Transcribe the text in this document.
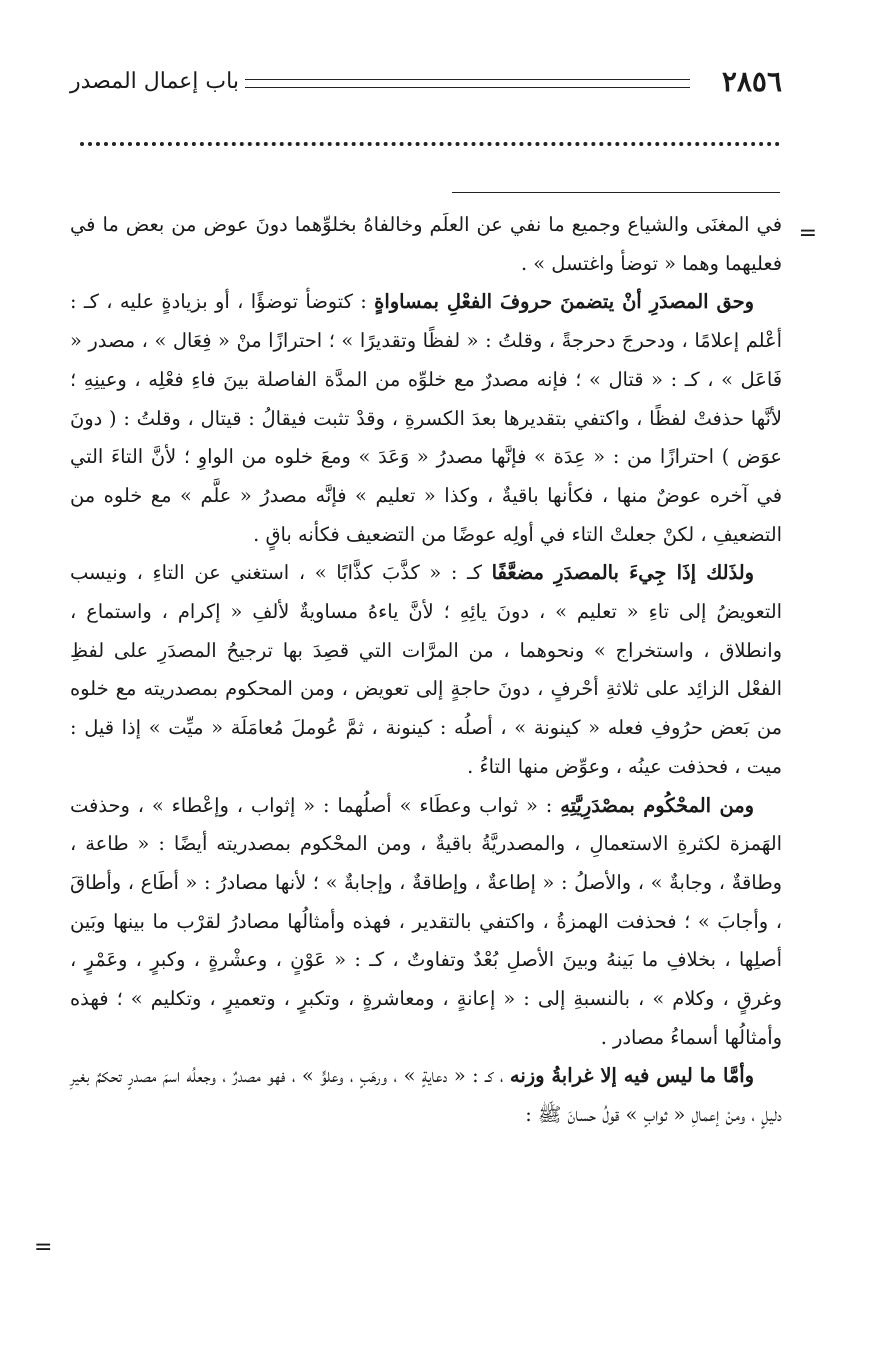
٢٨٥٦
باب إعمال المصدر
=
=

في المغنَى والشياع وجميع ما نفي عن العلَم وخالفاهُ بخلوِّهما دونَ عوض من بعض ما في فعليهما وهما « توضأ واغتسل » .

وحق المصدَرِ أنْ يتضمنَ حروفَ الفعْلِ بمساواةٍ : كتوضأ توضؤًا ، أو بزيادةٍ عليه ، كـ : أعْلم إعلامًا ، ودحرجَ دحرجةً ، وقلتُ : « لفظًا وتقديرًا » ؛ احترازًا منْ « فِعَال » ، مصدر « فَاعَل » ، كـ : « قتال » ؛ فإنه مصدرٌ مع خلوِّه من المدَّة الفاصلة بينَ فاءِ فعْلِه ، وعينِهِ ؛ لأنَّها حذفتْ لفظًا ، واكتفي بتقديرها بعدَ الكسرةِ ، وقدْ تثبت فيقالُ : قيتال ، وقلتُ : ( دونَ عوَض ) احترازًا من : « عِدَة » فإنَّها مصدرُ « وَعَدَ » ومعَ خلوه من الواوِ ؛ لأنَّ التاءَ التي في آخره عوضٌ منها ، فكأنها باقيةٌ ، وكذا « تعليم » فإنَّه مصدرُ « علَّم » مع خلوه من التضعيفِ ، لكنْ جعلتْ التاء في أولِه عوضًا من التضعيف فكأنه باقٍ .

ولذَلك إذَا جِيءَ بالمصدَرِ مضعَّفًا كـ : « كذَّبَ كذَّابًا » ، استغني عن التاءِ ، ونيسب التعويضُ إلى تاءِ « تعليم » ، دونَ يائِهِ ؛ لأنَّ ياءهُ مساويةٌ لألفِ « إكرام ، واستماع ، وانطلاق ، واستخراج » ونحوهما ، من المرَّات التي قصِدَ بها ترجيحُ المصدَرِ على لفظِ الفعْل الزائِد على ثلاثةِ أحْرفٍ ، دونَ حاجةٍ إلى تعويض ، ومن المحكوم بمصدريته مع خلوه من بَعض حرُوفِ فعله « كينونة » ، أصلُه : كينونة ، ثمَّ عُوملَ مُعامَلَة « ميِّت » إذا قيل : ميت ، فحذفت عينُه ، وعوِّض منها التاءُ .

ومن المحْكُوم بمصْدَرِيَّتِهِ : « ثواب وعطَاء » أصلُهما : « إثواب ، وإعْطاء » ، وحذفت الهَمزة لكثرةِ الاستعمالِ ، والمصدريَّةُ باقيةٌ ، ومن المحْكوم بمصدريته أيضًا : « طاعة ، وطاقةٌ ، وجابةٌ » ، والأصلُ : « إطاعةٌ ، وإطاقةٌ ، وإجابةٌ » ؛ لأنها مصادرُ : « أطَاع ، وأطاقَ ، وأجابَ » ؛ فحذفت الهمزةُ ، واكتفي بالتقدير ، فهذه وأمثالُها مصادرُ لقرْب ما بينها وبَين أصلِها ، بخلافِ ما بَينهُ وبينَ الأصلِ بُعْدٌ وتفاوتٌ ، كـ : « عَوْنٍ ، وعشْرةٍ ، وكبرٍ ، وعَمْرٍ ، وغرقٍ ، وكلام » ، بالنسبةِ إلى : « إعانةٍ ، ومعاشرةٍ ، وتكبرٍ ، وتعميرٍ ، وتكليم » ؛ فهذه وأمثالُها أسماءُ مصادر .

وأمَّا ما ليس فيه إلا غرابةُ وزنه ، كـ : « دعايةٍ » ، ورهَبٍ ، وعلوٍّ » ، فهو مصدرٌ ، وجعلُه اسمَ مصدرٍ تحكمٌ بغيرِ دليلٍ ، ومنْ إعمالِ « ثوابٍ » قولُ حسانَ ﷺ :
